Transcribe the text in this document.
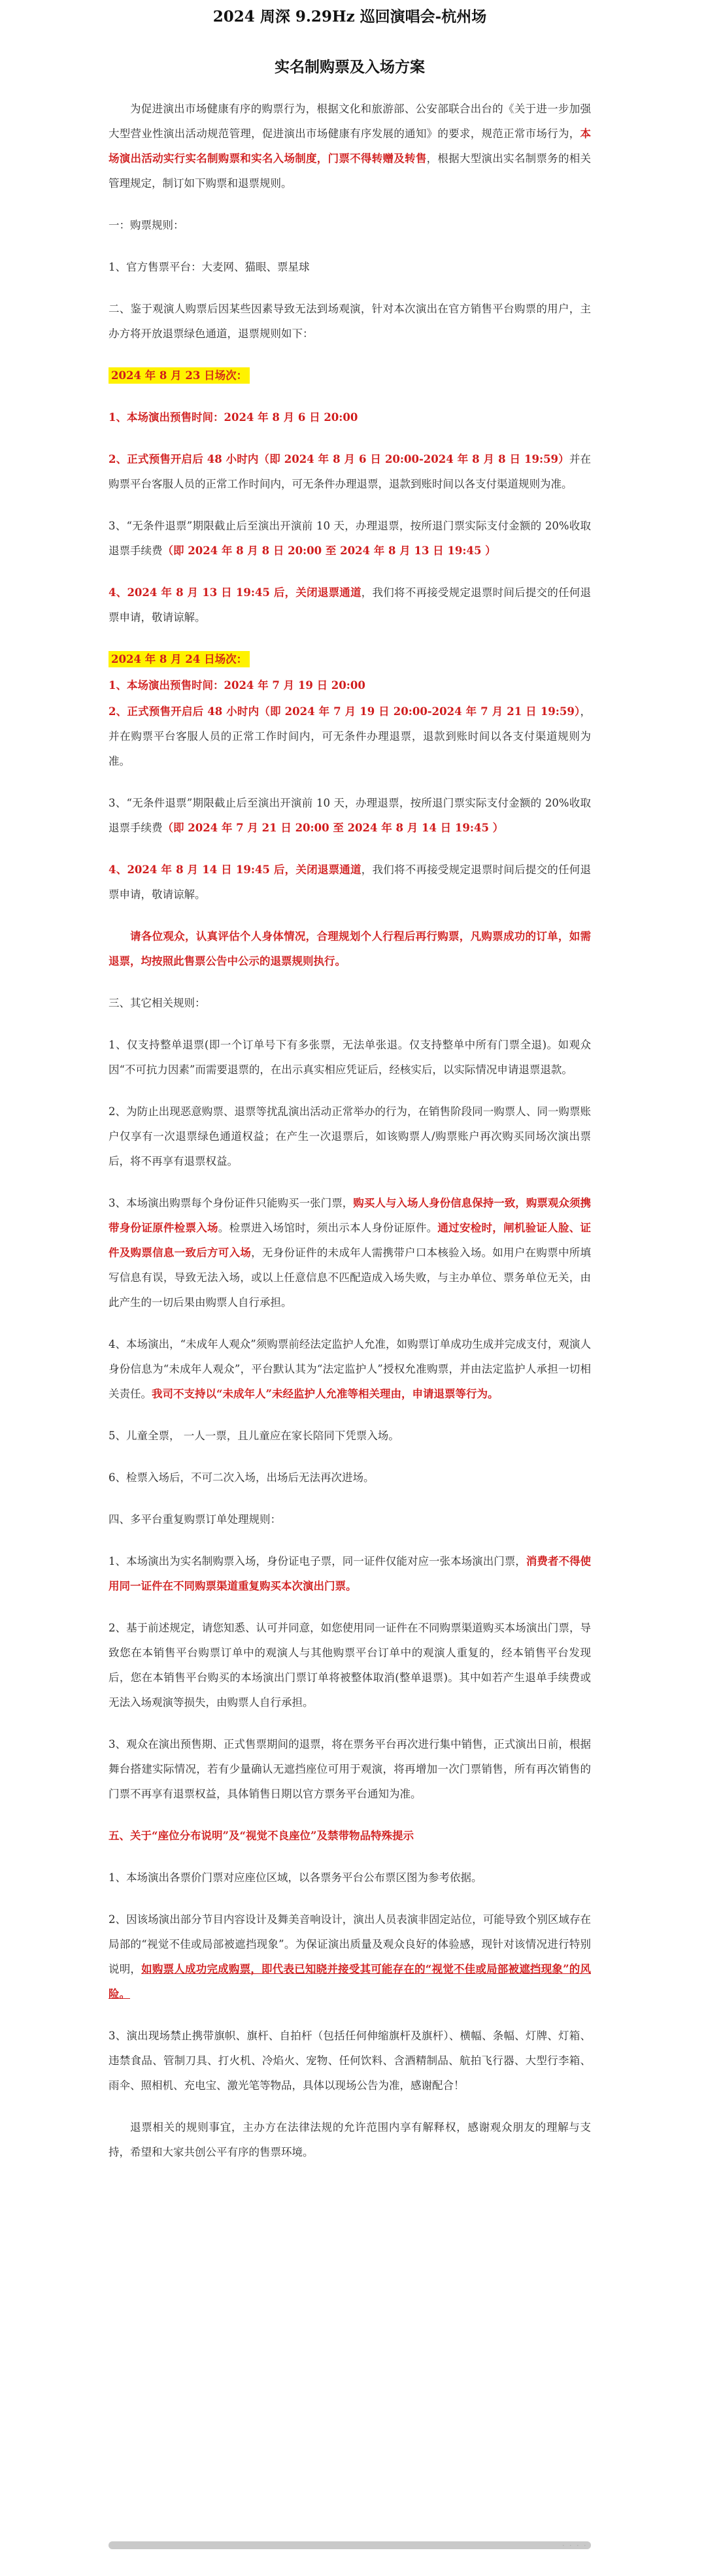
2024 周深 9.29Hz 巡回演唱会-杭州场
实名制购票及入场方案

为促进演出市场健康有序的购票行为，根据文化和旅游部、公安部联合出台的《关于进一步加强大型营业性演出活动规范管理，促进演出市场健康有序发展的通知》的要求，规范正常市场行为，本场演出活动实行实名制购票和实名入场制度，门票不得转赠及转售，根据大型演出实名制票务的相关管理规定，制订如下购票和退票规则。

一：购票规则：

1、官方售票平台：大麦网、猫眼、票星球

二、鉴于观演人购票后因某些因素导致无法到场观演，针对本次演出在官方销售平台购票的用户，主办方将开放退票绿色通道，退票规则如下：

2024 年 8 月 23 日场次：

1、本场演出预售时间：2024 年 8 月 6 日 20:00

2、正式预售开启后 48 小时内（即 2024 年 8 月 6 日 20:00-2024 年 8 月 8 日 19:59）并在购票平台客服人员的正常工作时间内，可无条件办理退票，退款到账时间以各支付渠道规则为准。

3、“无条件退票”期限截止后至演出开演前 10 天，办理退票，按所退门票实际支付金额的 20%收取退票手续费（即 2024 年 8 月 8 日 20:00 至 2024 年 8 月 13 日 19:45 ）

4、2024 年 8 月 13 日 19:45 后，关闭退票通道，我们将不再接受规定退票时间后提交的任何退票申请，敬请谅解。

2024 年 8 月 24 日场次：

1、本场演出预售时间：2024 年 7 月 19 日 20:00

2、正式预售开启后 48 小时内（即 2024 年 7 月 19 日 20:00-2024 年 7 月 21 日 19:59），并在购票平台客服人员的正常工作时间内，可无条件办理退票，退款到账时间以各支付渠道规则为准。

3、“无条件退票”期限截止后至演出开演前 10 天，办理退票，按所退门票实际支付金额的 20%收取退票手续费（即 2024 年 7 月 21 日 20:00 至 2024 年 8 月 14 日 19:45 ）

4、2024 年 8 月 14 日 19:45 后，关闭退票通道，我们将不再接受规定退票时间后提交的任何退票申请，敬请谅解。

请各位观众，认真评估个人身体情况，合理规划个人行程后再行购票，凡购票成功的订单，如需退票，均按照此售票公告中公示的退票规则执行。

三、其它相关规则：

1、仅支持整单退票(即一个订单号下有多张票，无法单张退。仅支持整单中所有门票全退)。如观众因“不可抗力因素”而需要退票的，在出示真实相应凭证后，经核实后，以实际情况申请退票退款。

2、为防止出现恶意购票、退票等扰乱演出活动正常举办的行为，在销售阶段同一购票人、同一购票账户仅享有一次退票绿色通道权益；在产生一次退票后，如该购票人/购票账户再次购买同场次演出票后，将不再享有退票权益。

3、本场演出购票每个身份证件只能购买一张门票，购买人与入场人身份信息保持一致，购票观众须携带身份证原件检票入场。检票进入场馆时，须出示本人身份证原件。通过安检时，闸机验证人脸、证件及购票信息一致后方可入场，无身份证件的未成年人需携带户口本核验入场。如用户在购票中所填写信息有误，导致无法入场，或以上任意信息不匹配造成入场失败，与主办单位、票务单位无关，由此产生的一切后果由购票人自行承担。

4、本场演出，“未成年人观众”须购票前经法定监护人允准，如购票订单成功生成并完成支付，观演人身份信息为“未成年人观众”，平台默认其为“法定监护人”授权允准购票，并由法定监护人承担一切相关责任。我司不支持以“未成年人”未经监护人允准等相关理由，申请退票等行为。

5、儿童全票， 一人一票，且儿童应在家长陪同下凭票入场。

6、检票入场后，不可二次入场，出场后无法再次进场。

四、多平台重复购票订单处理规则：

1、本场演出为实名制购票入场，身份证电子票，同一证件仅能对应一张本场演出门票，消费者不得使用同一证件在不同购票渠道重复购买本次演出门票。

2、基于前述规定，请您知悉、认可并同意，如您使用同一证件在不同购票渠道购买本场演出门票，导致您在本销售平台购票订单中的观演人与其他购票平台订单中的观演人重复的，经本销售平台发现后，您在本销售平台购买的本场演出门票订单将被整体取消(整单退票)。其中如若产生退单手续费或无法入场观演等损失，由购票人自行承担。

3、观众在演出预售期、正式售票期间的退票，将在票务平台再次进行集中销售，正式演出日前，根据舞台搭建实际情况，若有少量确认无遮挡座位可用于观演，将再增加一次门票销售，所有再次销售的门票不再享有退票权益，具体销售日期以官方票务平台通知为准。

五、关于“座位分布说明”及“视觉不良座位”及禁带物品特殊提示

1、本场演出各票价门票对应座位区域，以各票务平台公布票区图为参考依据。

2、因该场演出部分节目内容设计及舞美音响设计，演出人员表演非固定站位，可能导致个别区域存在局部的“视觉不佳或局部被遮挡现象”。为保证演出质量及观众良好的体验感，现针对该情况进行特别说明，如购票人成功完成购票，即代表已知晓并接受其可能存在的“视觉不佳或局部被遮挡现象”的风险。

3、演出现场禁止携带旗帜、旗杆、自拍杆（包括任何伸缩旗杆及旗杆）、横幅、条幅、灯牌、灯箱、违禁食品、管制刀具、打火机、冷焰火、宠物、任何饮料、含酒精制品、航拍飞行器、大型行李箱、雨伞、照相机、充电宝、激光笔等物品，具体以现场公告为准，感谢配合！

退票相关的规则事宜，主办方在法律法规的允许范围内享有解释权，感谢观众朋友的理解与支持，希望和大家共创公平有序的售票环境。

· · · ·
